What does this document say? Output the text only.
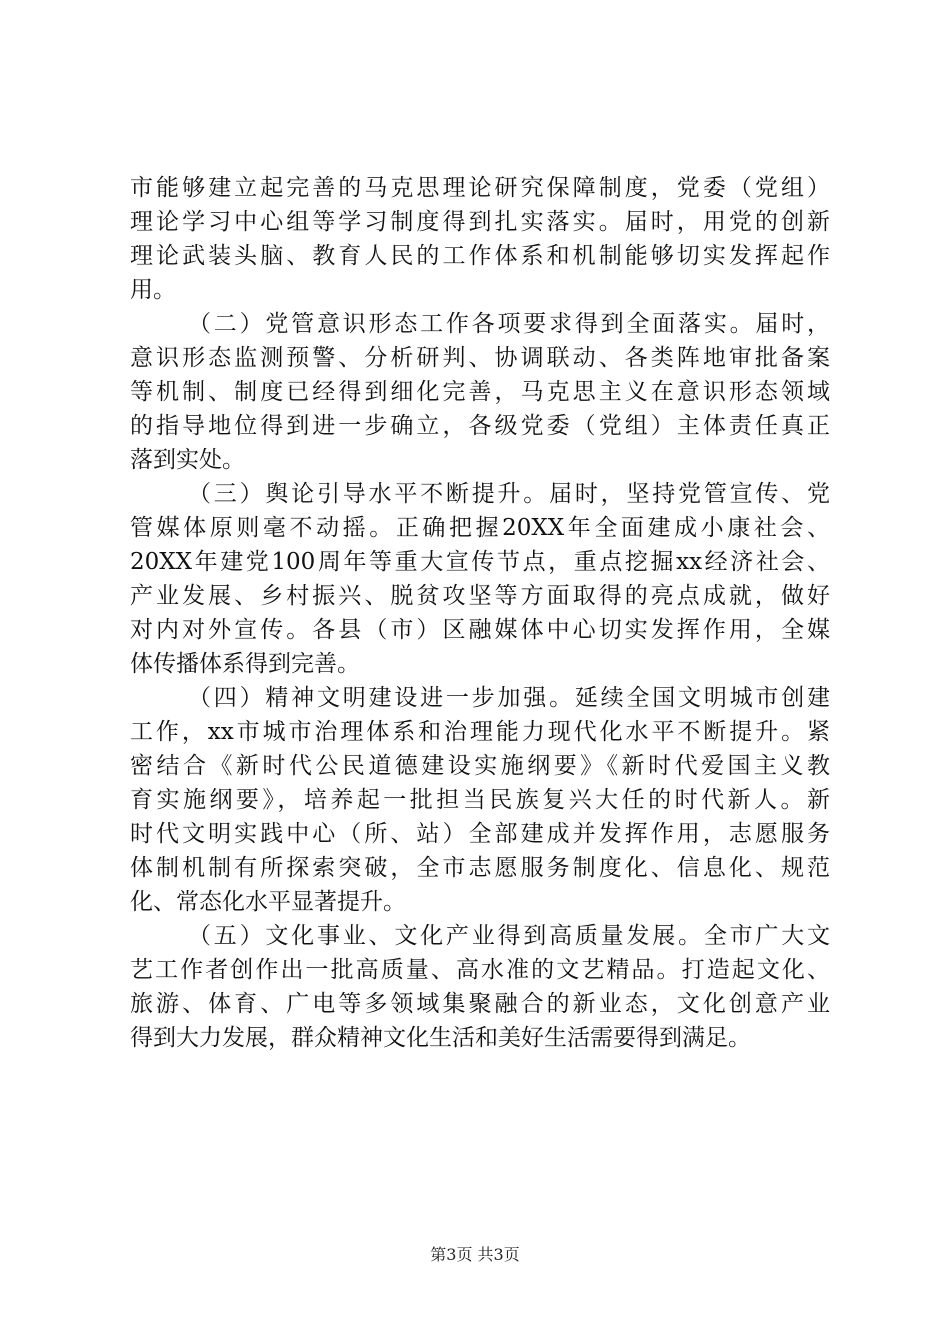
市能够建立起完善的马克思理论研究保障制度，党委（党组）
理论学习中心组等学习制度得到扎实落实。届时，用党的创新
理论武装头脑、教育人民的工作体系和机制能够切实发挥起作
用。
（二）党管意识形态工作各项要求得到全面落实。届时，
意识形态监测预警、分析研判、协调联动、各类阵地审批备案
等机制、制度已经得到细化完善，马克思主义在意识形态领域
的指导地位得到进一步确立，各级党委（党组）主体责任真正
落到实处。
（三）舆论引导水平不断提升。届时，坚持党管宣传、党
管媒体原则毫不动摇。正确把握20XX年全面建成小康社会、
20XX年建党100周年等重大宣传节点，重点挖掘xx经济社会、
产业发展、乡村振兴、脱贫攻坚等方面取得的亮点成就，做好
对内对外宣传。各县（市）区融媒体中心切实发挥作用，全媒
体传播体系得到完善。
（四）精神文明建设进一步加强。延续全国文明城市创建
工作，xx市城市治理体系和治理能力现代化水平不断提升。紧
密结合《新时代公民道德建设实施纲要》《新时代爱国主义教
育实施纲要》，培养起一批担当民族复兴大任的时代新人。新
时代文明实践中心（所、站）全部建成并发挥作用，志愿服务
体制机制有所探索突破，全市志愿服务制度化、信息化、规范
化、常态化水平显著提升。
（五）文化事业、文化产业得到高质量发展。全市广大文
艺工作者创作出一批高质量、高水准的文艺精品。打造起文化、
旅游、体育、广电等多领域集聚融合的新业态，文化创意产业
得到大力发展，群众精神文化生活和美好生活需要得到满足。
第3页 共3页
